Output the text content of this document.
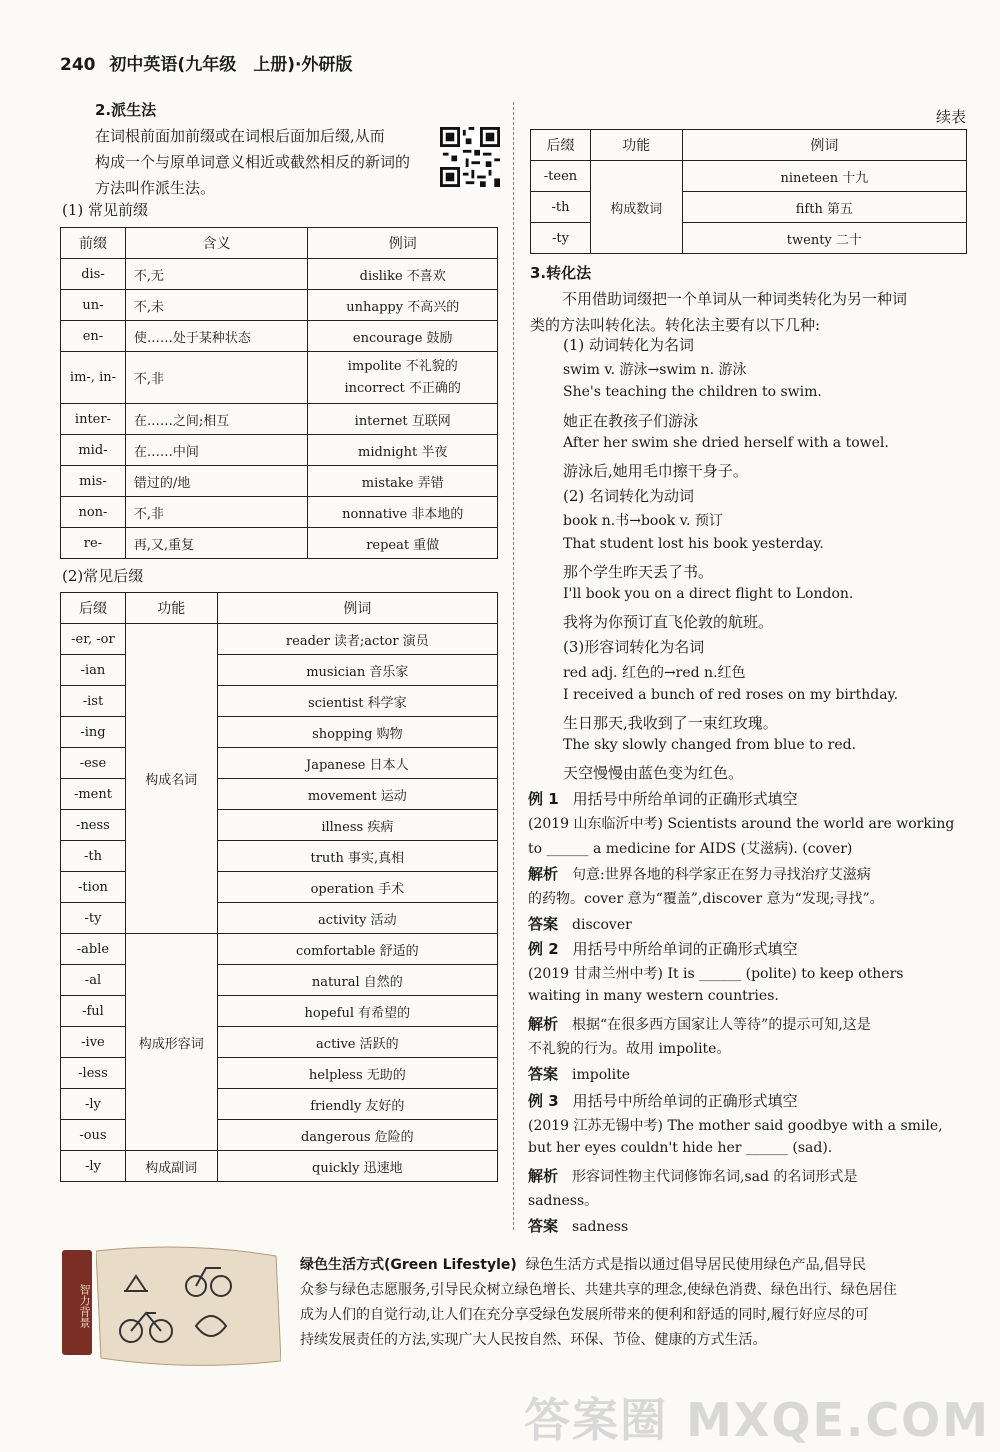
240 初中英语(九年级　上册)·外研版
2.派生法
在词根前面加前缀或在词根后面加后缀,从而
构成一个与原单词意义相近或截然相反的新词的
方法叫作派生法。
(1) 常见前缀
前缀	含义	例词
dis-	不,无	dislike 不喜欢
un-	不,未	unhappy 不高兴的
en-	使……处于某种状态	encourage 鼓励
im-, in-	不,非	impolite 不礼貌的
incorrect 不正确的
inter-	在……之间;相互	internet 互联网
mid-	在……中间	midnight 半夜
mis-	错过的/地	mistake 弄错
non-	不,非	nonnative 非本地的
re-	再,又,重复	repeat 重做
(2)常见后缀
后缀	功能	例词
-er, -or	构成名词	reader 读者;actor 演员
-ian		musician 音乐家
-ist		scientist 科学家
-ing		shopping 购物
-ese		Japanese 日本人
-ment		movement 运动
-ness		illness 疾病
-th		truth 事实,真相
-tion		operation 手术
-ty		activity 活动
-able	构成形容词	comfortable 舒适的
-al		natural 自然的
-ful		hopeful 有希望的
-ive		active 活跃的
-less		helpless 无助的
-ly		friendly 友好的
-ous		dangerous 危险的
-ly	构成副词	quickly 迅速地
续表
后缀	功能	例词
-teen	构成数词	nineteen 十九
-th		fifth 第五
-ty		twenty 二十
3.转化法
不用借助词缀把一个单词从一种词类转化为另一种词
类的方法叫转化法。转化法主要有以下几种:
(1) 动词转化为名词
swim v. 游泳→swim n. 游泳
She's teaching the children to swim.
她正在教孩子们游泳
After her swim she dried herself with a towel.
游泳后,她用毛巾擦干身子。
(2) 名词转化为动词
book n.书→book v. 预订
That student lost his book yesterday.
那个学生昨天丢了书。
I'll book you on a direct flight to London.
我将为你预订直飞伦敦的航班。
(3)形容词转化为名词
red adj. 红色的→red n.红色
I received a bunch of red roses on my birthday.
生日那天,我收到了一束红玫瑰。
The sky slowly changed from blue to red.
天空慢慢由蓝色变为红色。
例 1　 用括号中所给单词的正确形式填空
(2019 山东临沂中考) Scientists around the world are working
to ______ a medicine for AIDS (艾滋病). (cover)
解析　 句意:世界各地的科学家正在努力寻找治疗艾滋病
的药物。cover 意为“覆盖”,discover 意为“发现;寻找”。
答案　 discover
例 2　 用括号中所给单词的正确形式填空
(2019 甘肃兰州中考) It is ______ (polite) to keep others
waiting in many western countries.
解析　 根据“在很多西方国家让人等待”的提示可知,这是
不礼貌的行为。故用 impolite。
答案　 impolite
例 3　 用括号中所给单词的正确形式填空
(2019 江苏无锡中考) The mother said goodbye with a smile,
but her eyes couldn't hide her ______ (sad).
解析　 形容词性物主代词修饰名词,sad 的名词形式是
sadness。
答案　 sadness
智力背景
绿色生活方式(Green Lifestyle) 绿色生活方式是指以通过倡导居民使用绿色产品,倡导民
众参与绿色志愿服务,引导民众树立绿色增长、共建共享的理念,使绿色消费、绿色出行、绿色居住
成为人们的自觉行动,让人们在充分享受绿色发展所带来的便利和舒适的同时,履行好应尽的可
持续发展责任的方法,实现广大人民按自然、环保、节俭、健康的方式生活。
答案圈 MXQE.COM
